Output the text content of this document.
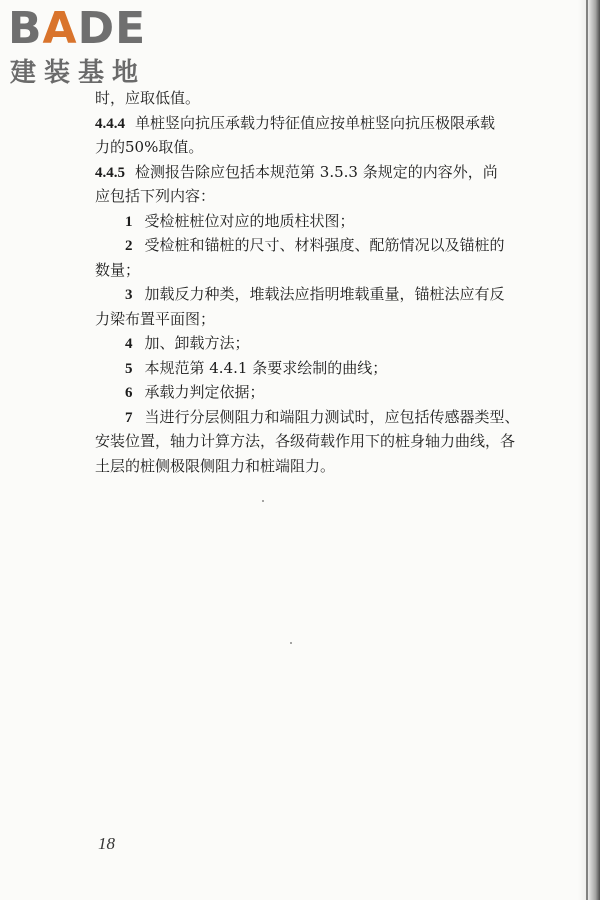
BADE
建装基地
时，应取低值。
4.4.4 单桩竖向抗压承载力特征值应按单桩竖向抗压极限承载
力的50%取值。
4.4.5 检测报告除应包括本规范第 3.5.3 条规定的内容外，尚
应包括下列内容：
1 受检桩桩位对应的地质柱状图；
2 受检桩和锚桩的尺寸、材料强度、配筋情况以及锚桩的
数量；
3 加载反力种类，堆载法应指明堆载重量，锚桩法应有反
力梁布置平面图；
4 加、卸载方法；
5 本规范第 4.4.1 条要求绘制的曲线；
6 承载力判定依据；
7 当进行分层侧阻力和端阻力测试时，应包括传感器类型、
安装位置，轴力计算方法，各级荷载作用下的桩身轴力曲线，各
土层的桩侧极限侧阻力和桩端阻力。
18
